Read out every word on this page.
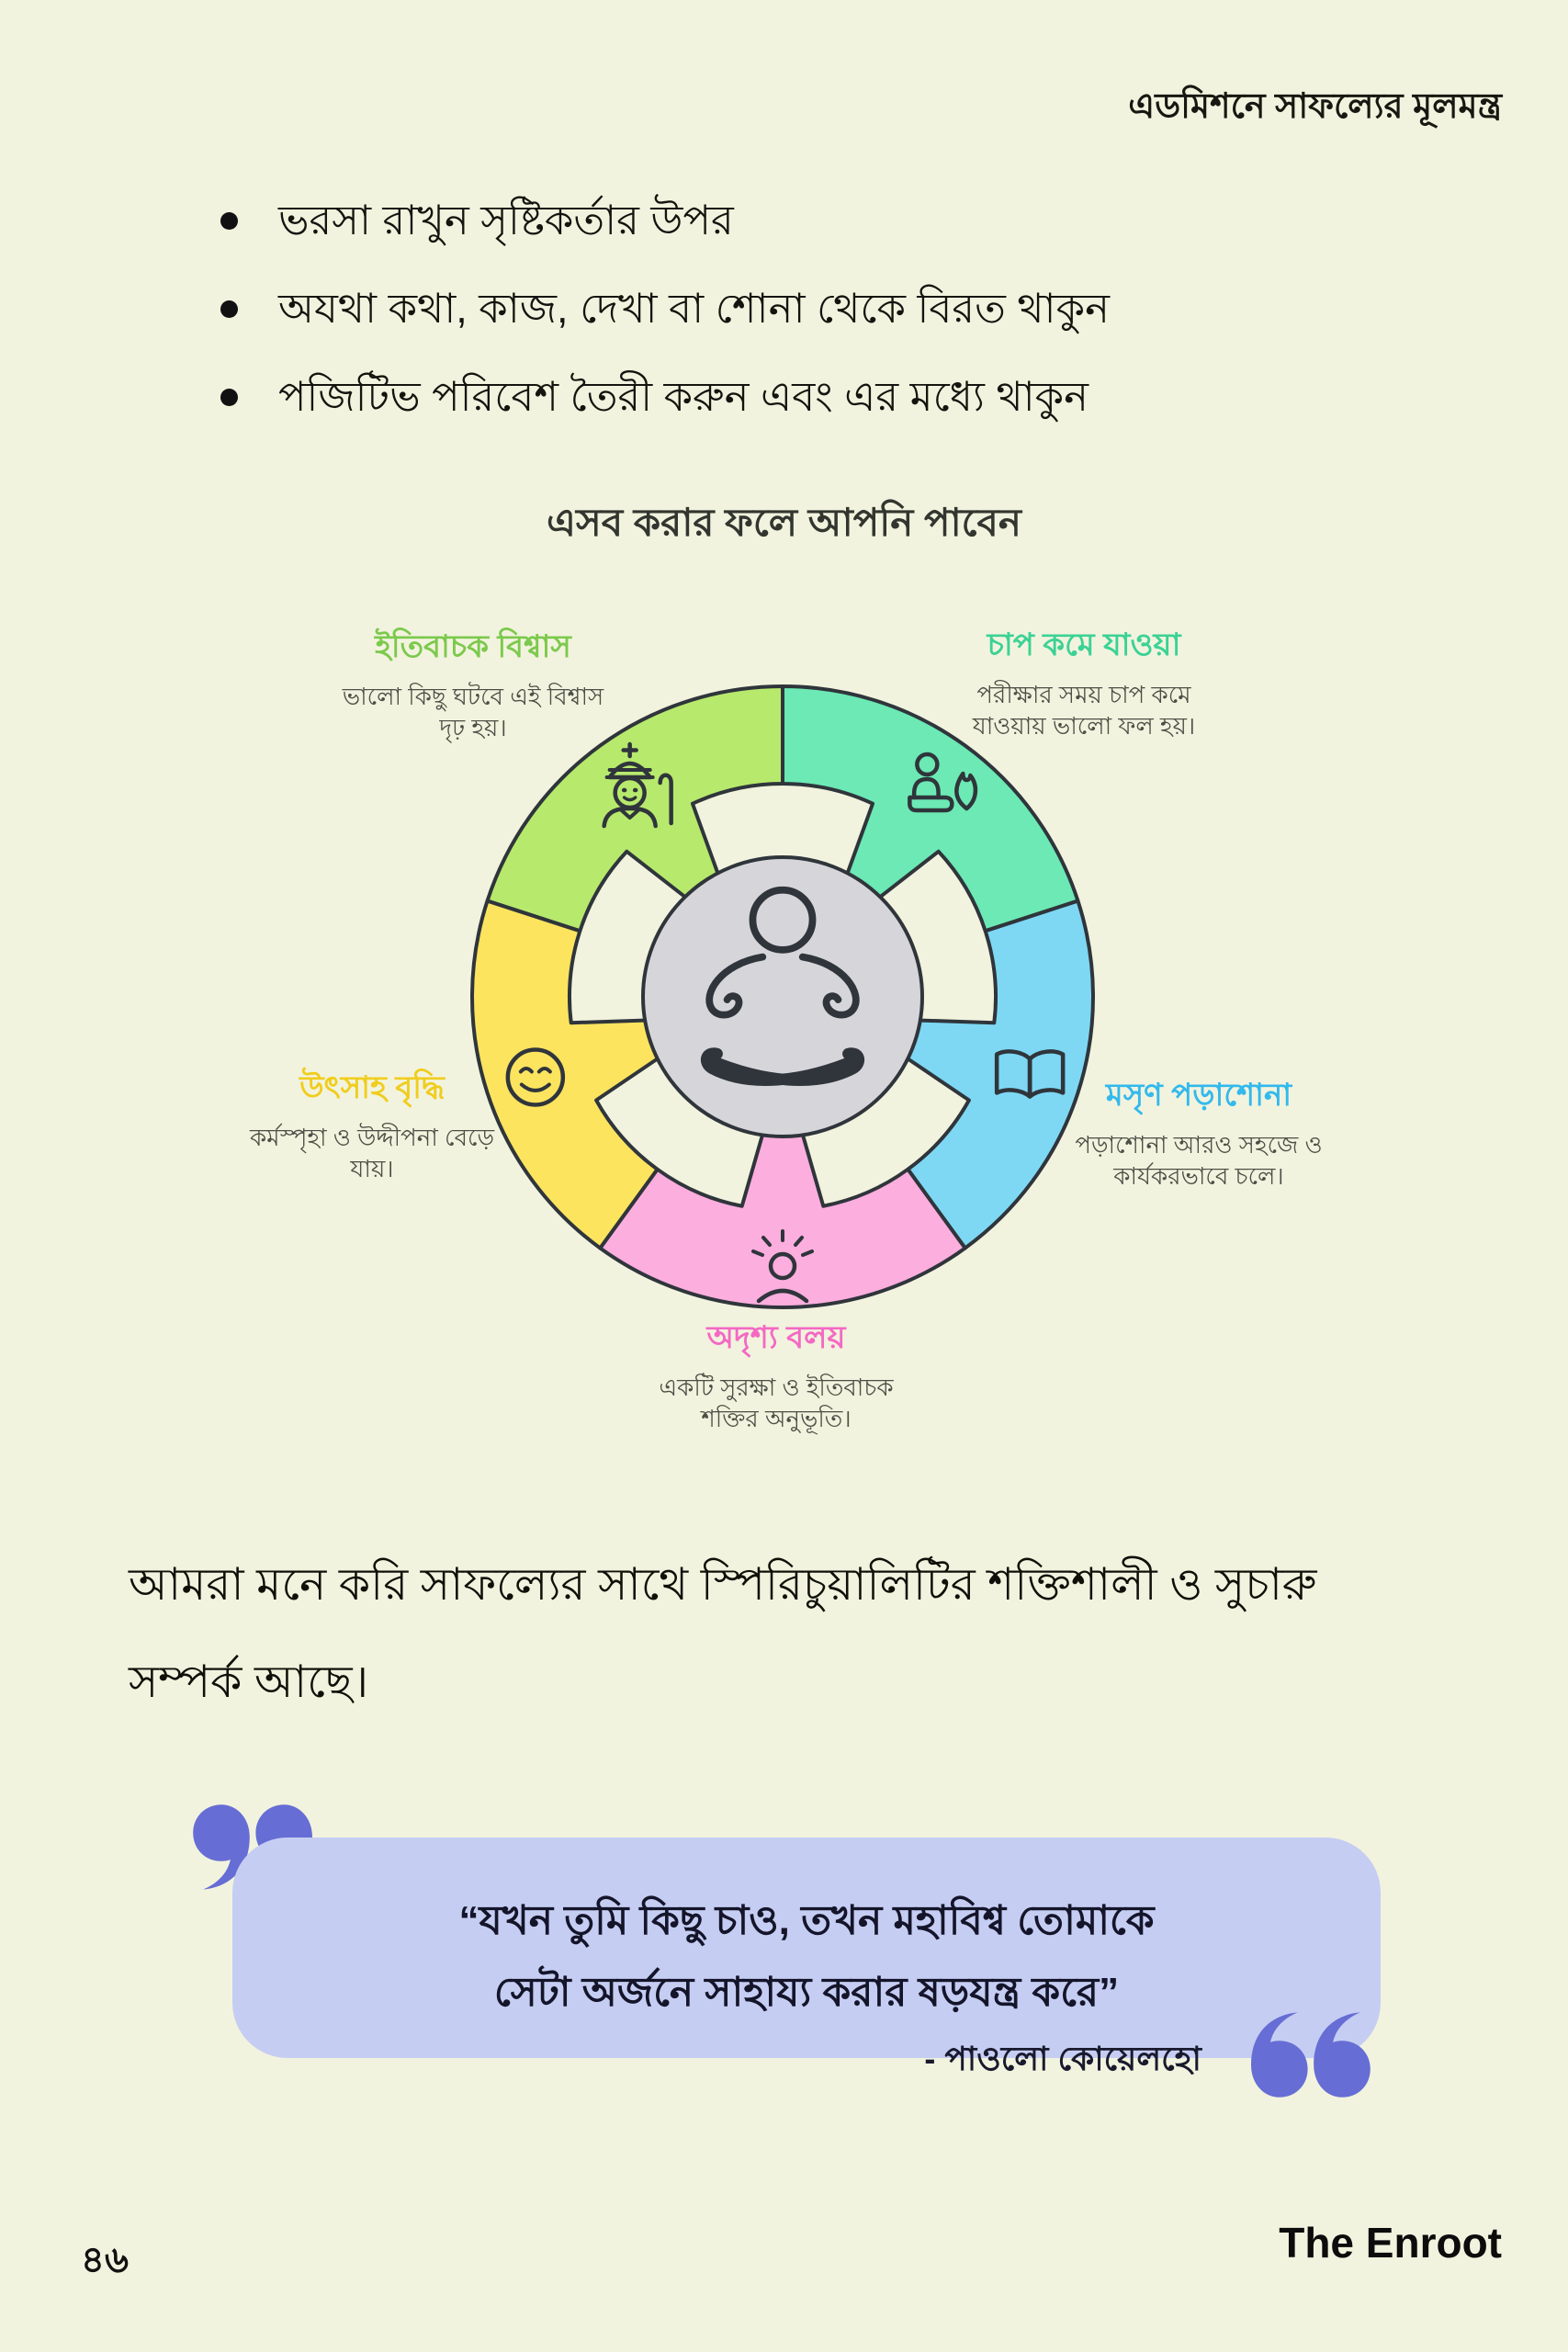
এডমিশনে সাফল্যের মূলমন্ত্র
ভরসা রাখুন সৃষ্টিকর্তার উপর
অযথা কথা, কাজ, দেখা বা শোনা থেকে বিরত থাকুন
পজিটিভ পরিবেশ তৈরী করুন এবং এর মধ্যে থাকুন
এসব করার ফলে আপনি পাবেন
ইতিবাচক বিশ্বাস
ভালো কিছু ঘটবে এই বিশ্বাস দৃঢ় হয়।
চাপ কমে যাওয়া
পরীক্ষার সময় চাপ কমে যাওয়ায় ভালো ফল হয়।
মসৃণ পড়াশোনা
পড়াশোনা আরও সহজে ও কার্যকরভাবে চলে।
অদৃশ্য বলয়
একটি সুরক্ষা ও ইতিবাচক শক্তির অনুভূতি।
উৎসাহ বৃদ্ধি
কর্মস্পৃহা ও উদ্দীপনা বেড়ে যায়।

আমরা মনে করি সাফল্যের সাথে স্পিরিচুয়ালিটির শক্তিশালী ও সুচারু সম্পর্ক আছে।

“যখন তুমি কিছু চাও, তখন মহাবিশ্ব তোমাকে
সেটা অর্জনে সাহায্য করার ষড়যন্ত্র করে”
- পাওলো কোয়েলহো
৪৬	The Enroot
